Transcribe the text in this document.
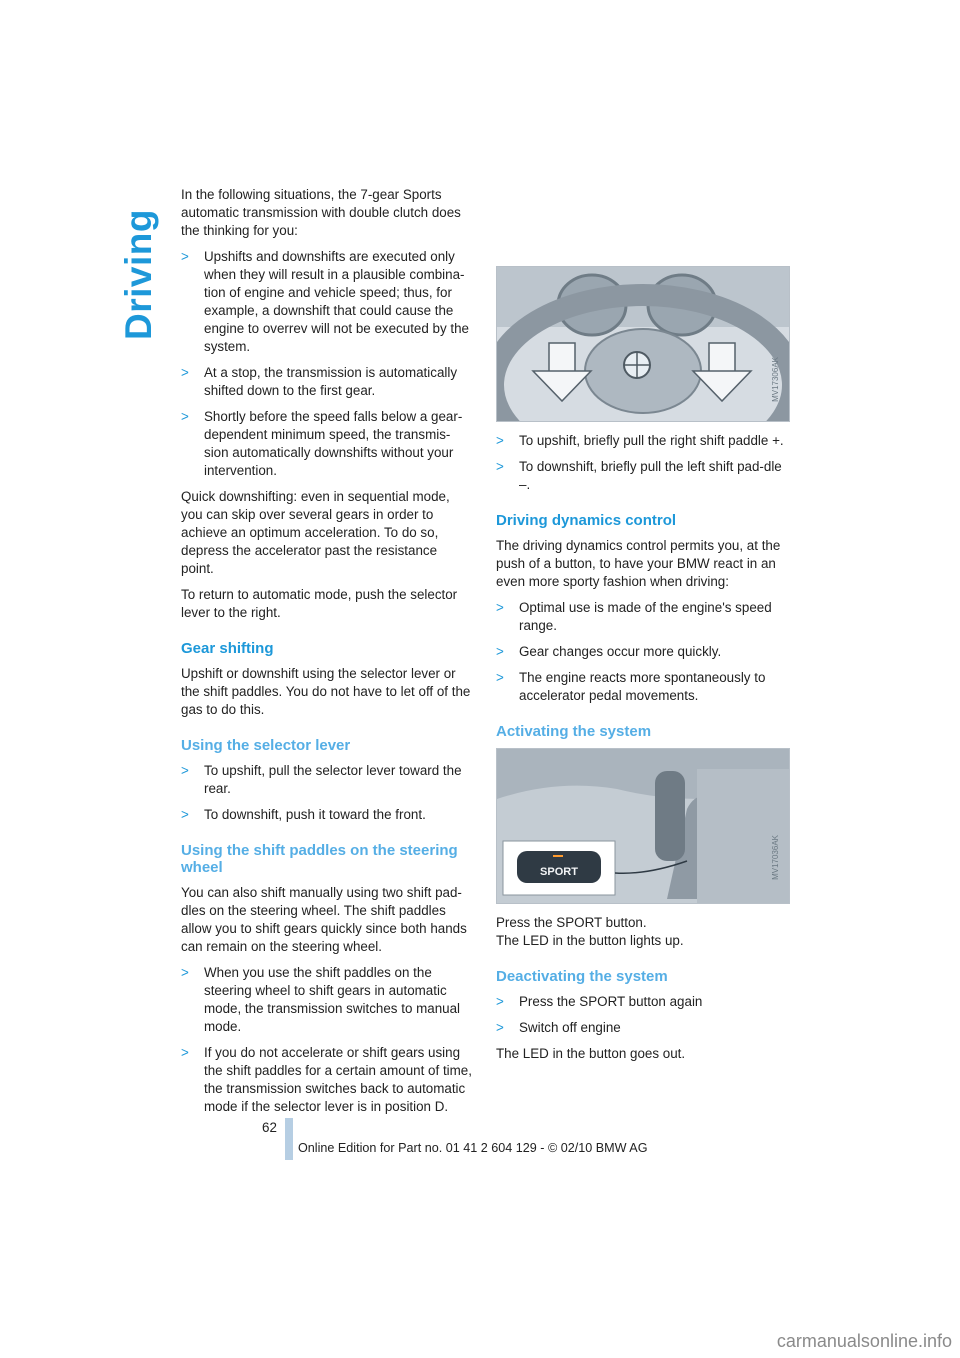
Driving

In the following situations, the 7-gear Sports automatic transmission with double clutch does the thinking for you:

> Upshifts and downshifts are executed only when they will result in a plausible combina-tion of engine and vehicle speed; thus, for example, a downshift that could cause the engine to overrev will not be executed by the system.
> At a stop, the transmission is automatically shifted down to the first gear.
> Shortly before the speed falls below a gear-dependent minimum speed, the transmis-sion automatically downshifts without your intervention.

Quick downshifting: even in sequential mode, you can skip over several gears in order to achieve an optimum acceleration. To do so, depress the accelerator past the resistance point.

To return to automatic mode, push the selector lever to the right.

Gear shifting

Upshift or downshift using the selector lever or the shift paddles. You do not have to let off of the gas to do this.

Using the selector lever
> To upshift, pull the selector lever toward the rear.
> To downshift, push it toward the front.
Using the shift paddles on the steering wheel

You can also shift manually using two shift pad-dles on the steering wheel. The shift paddles allow you to shift gears quickly since both hands can remain on the steering wheel.

> When you use the shift paddles on the steering wheel to shift gears in automatic mode, the transmission switches to manual mode.
> If you do not accelerate or shift gears using the shift paddles for a certain amount of time, the transmission switches back to automatic mode if the selector lever is in position D.
MV17306AK
> To upshift, briefly pull the right shift paddle +.
> To downshift, briefly pull the left shift pad-dle –.
Driving dynamics control

The driving dynamics control permits you, at the push of a button, to have your BMW react in an even more sporty fashion when driving:

> Optimal use is made of the engine's speed range.
> Gear changes occur more quickly.
> The engine reacts more spontaneously to accelerator pedal movements.
Activating the system
SPORT	MV17036AK

Press the SPORT button.

The LED in the button lights up.

Deactivating the system
> Press the SPORT button again
> Switch off engine

The LED in the button goes out.

62
Online Edition for Part no. 01 41 2 604 129 - © 02/10 BMW AG
carmanualsonline.info
